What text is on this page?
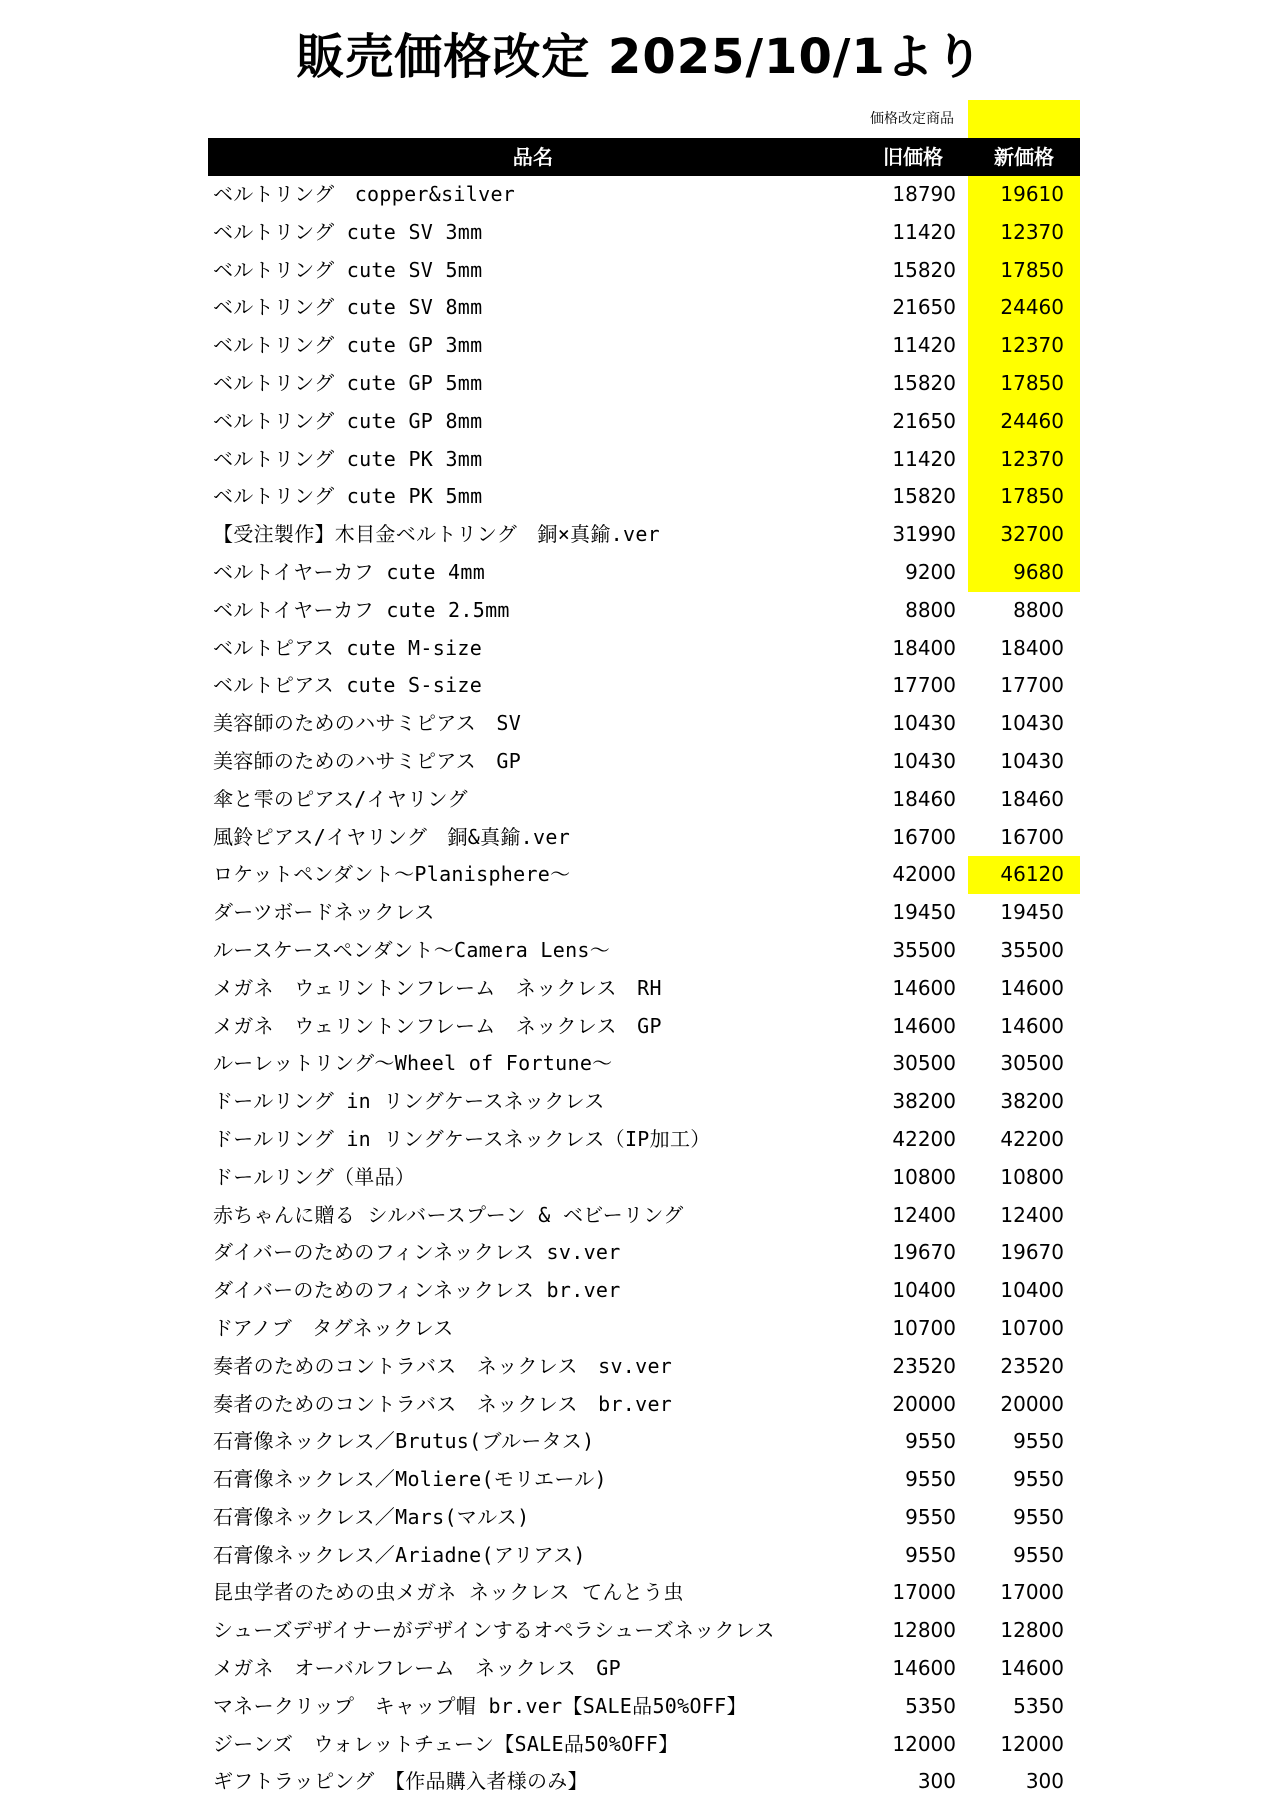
販売価格改定 2025/10/1より
価格改定商品
品名	旧価格	新価格
ベルトリング　copper&silver	18790	19610
ベルトリング cute SV 3mm	11420	12370
ベルトリング cute SV 5mm	15820	17850
ベルトリング cute SV 8mm	21650	24460
ベルトリング cute GP 3mm	11420	12370
ベルトリング cute GP 5mm	15820	17850
ベルトリング cute GP 8mm	21650	24460
ベルトリング cute PK 3mm	11420	12370
ベルトリング cute PK 5mm	15820	17850
【受注製作】木目金ベルトリング　銅×真鍮.ver	31990	32700
ベルトイヤーカフ cute 4mm	9200	9680
ベルトイヤーカフ cute 2.5mm	8800	8800
ベルトピアス cute M-size	18400	18400
ベルトピアス cute S-size	17700	17700
美容師のためのハサミピアス　SV	10430	10430
美容師のためのハサミピアス　GP	10430	10430
傘と雫のピアス/イヤリング	18460	18460
風鈴ピアス/イヤリング　銅&真鍮.ver	16700	16700
ロケットペンダント～Planisphere～	42000	46120
ダーツボードネックレス	19450	19450
ルースケースペンダント～Camera Lens～	35500	35500
メガネ　ウェリントンフレーム　ネックレス　RH	14600	14600
メガネ　ウェリントンフレーム　ネックレス　GP	14600	14600
ルーレットリング～Wheel of Fortune～	30500	30500
ドールリング in リングケースネックレス	38200	38200
ドールリング in リングケースネックレス（IP加工）	42200	42200
ドールリング（単品）	10800	10800
赤ちゃんに贈る シルバースプーン & ベビーリング	12400	12400
ダイバーのためのフィンネックレス sv.ver	19670	19670
ダイバーのためのフィンネックレス br.ver	10400	10400
ドアノブ　タグネックレス	10700	10700
奏者のためのコントラバス　ネックレス　sv.ver	23520	23520
奏者のためのコントラバス　ネックレス　br.ver	20000	20000
石膏像ネックレス／Brutus(ブルータス)	9550	9550
石膏像ネックレス／Moliere(モリエール)	9550	9550
石膏像ネックレス／Mars(マルス)	9550	9550
石膏像ネックレス／Ariadne(アリアス)	9550	9550
昆虫学者のための虫メガネ ネックレス てんとう虫	17000	17000
シューズデザイナーがデザインするオペラシューズネックレス	12800	12800
メガネ　オーバルフレーム　ネックレス　GP	14600	14600
マネークリップ　キャップ帽 br.ver【SALE品50%OFF】	5350	5350
ジーンズ　ウォレットチェーン【SALE品50%OFF】	12000	12000
ギフトラッピング　【作品購入者様のみ】	300	300
